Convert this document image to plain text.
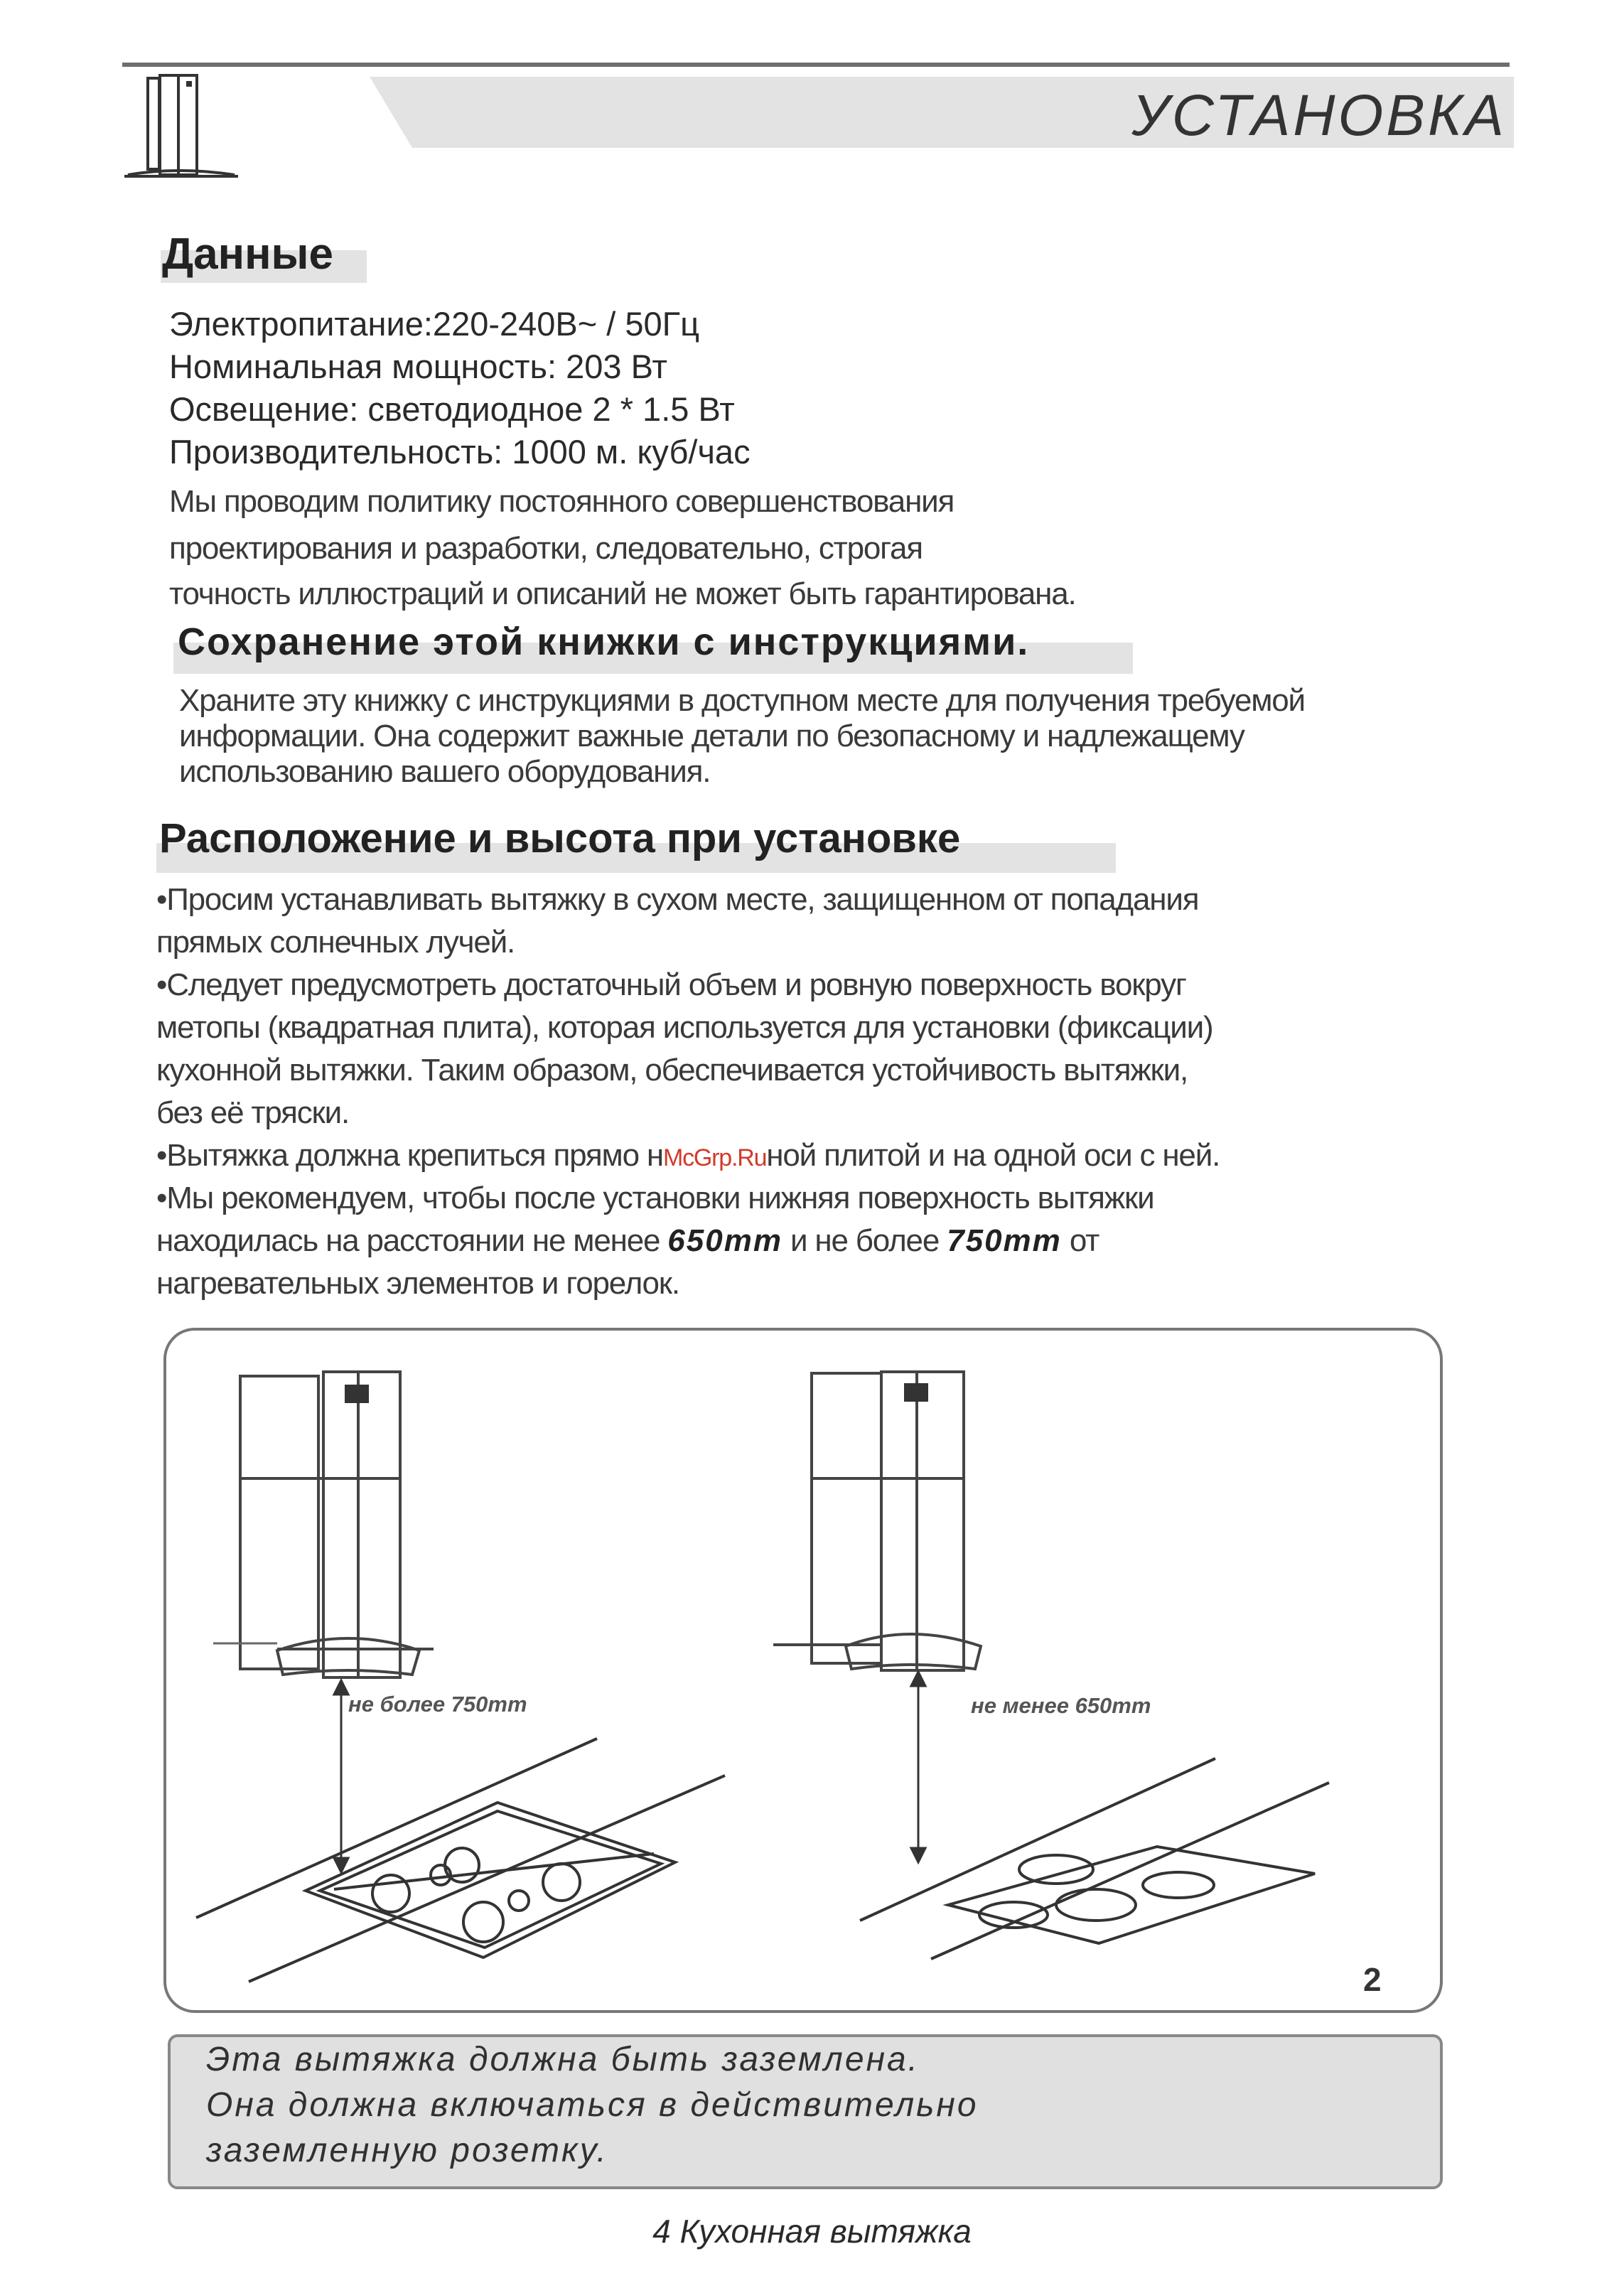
УСТАНОВКА
Данные
Электропитание:220-240В~ / 50Гц
Номинальная мощность: 203 Вт
Освещение: светодиодное 2 * 1.5 Вт
Производительность: 1000 м. куб/час
Мы проводим политику постоянного совершенствования
проектирования и разработки, следовательно, строгая
точность иллюстраций и описаний не может быть гарантирована.
Сохранение этой книжки с инструкциями.
Храните эту книжку с инструкциями в доступном месте для получения требуемой
информации. Она содержит важные детали по безопасному и надлежащему
использованию вашего оборудования.
Расположение и высота при установке
•Просим устанавливать вытяжку в сухом месте, защищенном от попадания
прямых солнечных лучей.
•Следует предусмотреть достаточный объем и ровную поверхность вокруг
метопы (квадратная плита), которая используется для установки (фиксации)
кухонной вытяжки. Таким образом, обеспечивается устойчивость вытяжки,
без её тряски.
•Вытяжка должна крепиться прямо нMcGrp.Ruной плитой и на одной оси с ней.
•Мы рекомендуем, чтобы после установки нижняя поверхность вытяжки
находилась на расстоянии не менее 650mm и не более 750mm от
нагревательных элементов и горелок.
не более 750mm	не менее 650mm
2
Эта вытяжка должна быть заземлена.
Она должна включаться в действительно
заземленную розетку.
4 Кухонная вытяжка
